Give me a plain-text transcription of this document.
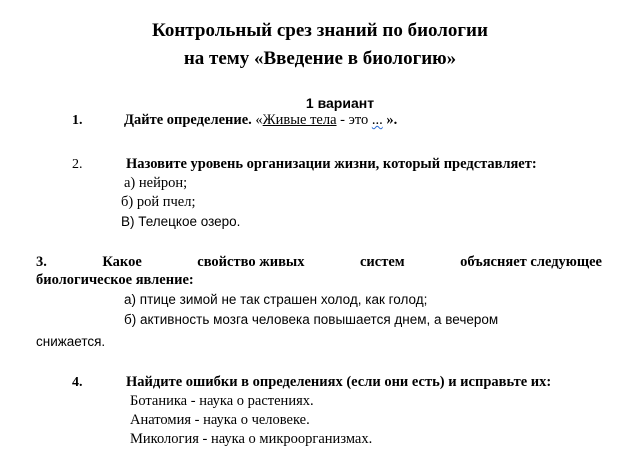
Контрольный срез знаний по биологии
на тему «Введение в биологию»
1 вариант
1.	Дайте определение. «Живые тела - это ... ».
2.	Назовите уровень организации жизни, который представляет:
а) нейрон;
б) рой пчел;
В) Телецкое озеро.
3.	Какое	свойство живых	систем	объясняет следующее
биологическое явление:
а) птице зимой не так страшен холод, как голод;
б) активность мозга человека повышается днем, а вечером
снижается.
4.	Найдите ошибки в определениях (если они есть) и исправьте их:
Ботаника - наука о растениях.
Анатомия - наука о человеке.
Микология - наука о микроорганизмах.
